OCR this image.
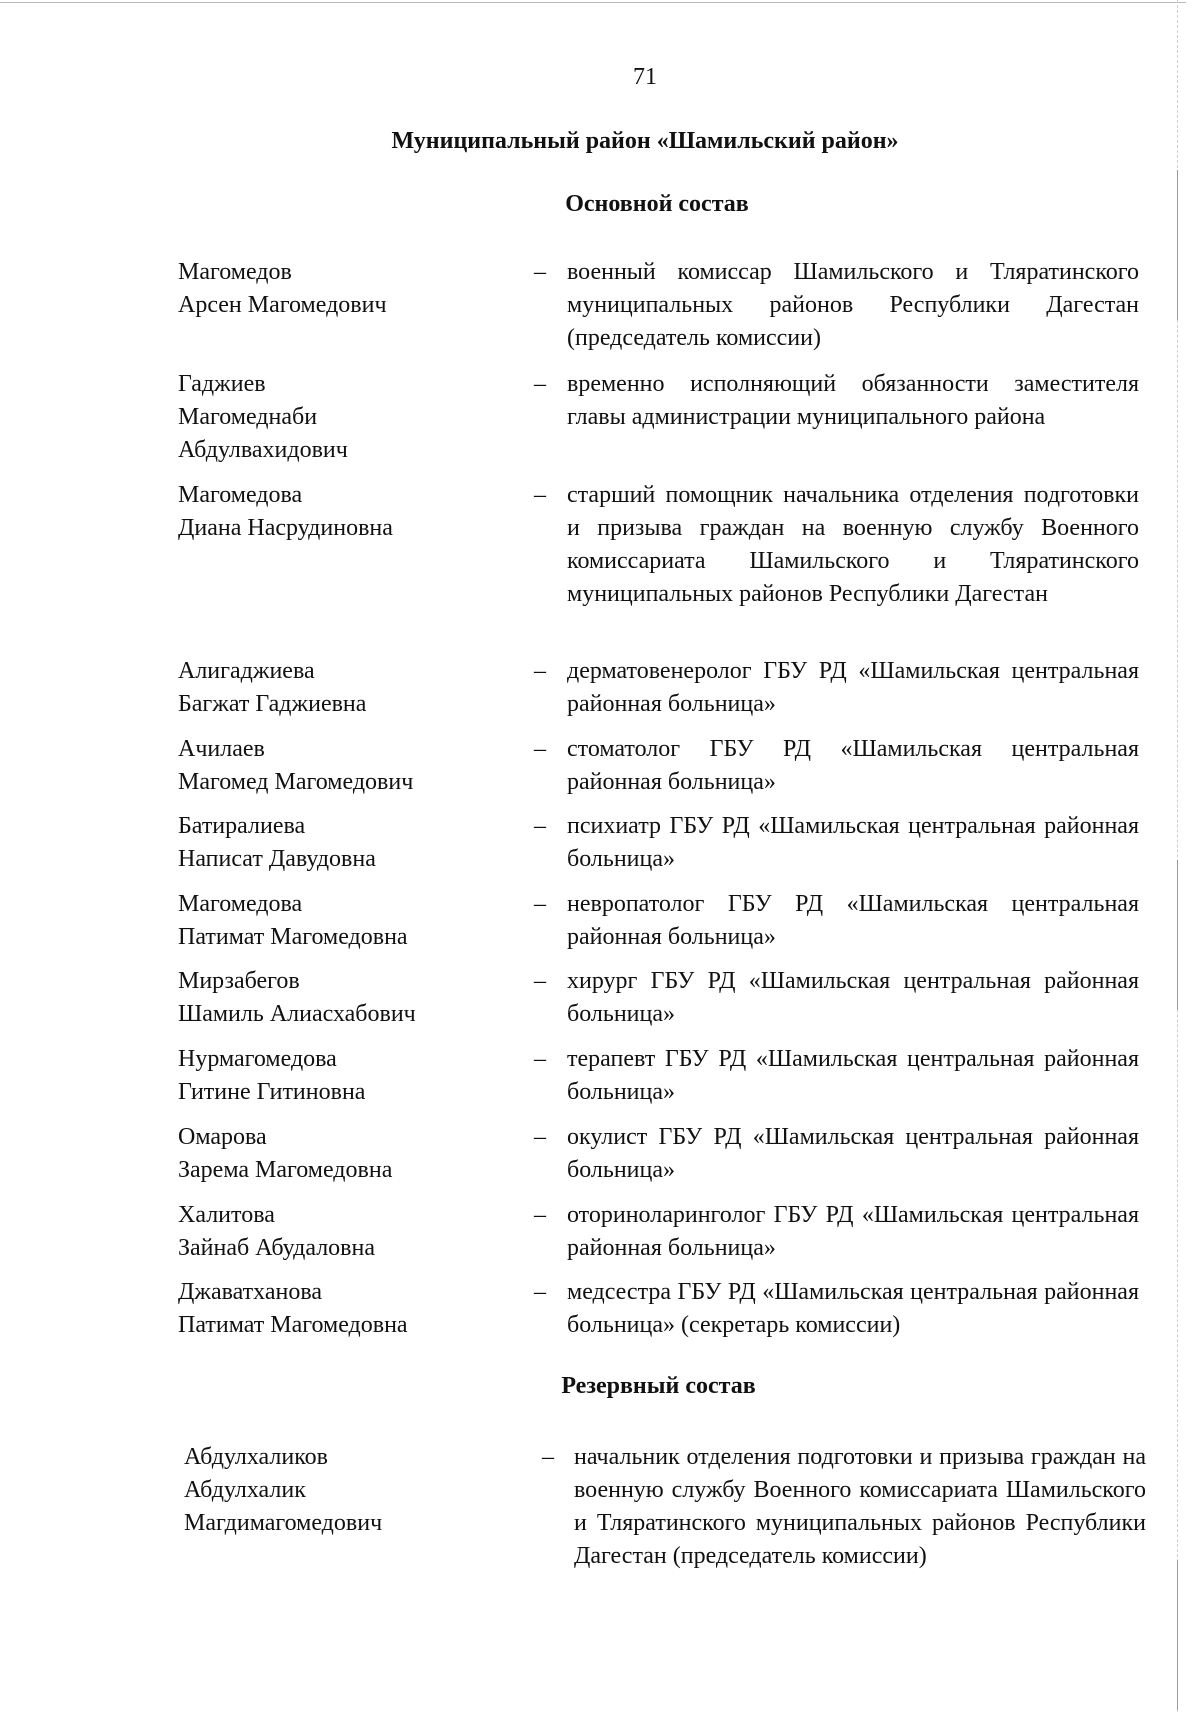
71
Муниципальный район «Шамильский район»
Основной состав
Магомедов
Арсен Магомедович
– военный комиссар Шамильского и Тляратинского муниципальных районов Республики Дагестан (председатель комиссии)
Гаджиев
Магомеднаби
Абдулвахидович
– временно исполняющий обязанности заместителя главы администрации муниципального района
Магомедова
Диана Насрудиновна
– старший помощник начальника отделения подготовки и призыва граждан на военную службу Военного комиссариата Шамильского и Тляратинского муниципальных районов Республики Дагестан
Алигаджиева
Багжат Гаджиевна
– дерматовенеролог ГБУ РД «Шамильская центральная районная больница»
Ачилаев
Магомед Магомедович
– стоматолог ГБУ РД «Шамильская центральная районная больница»
Батиралиева
Написат Давудовна
– психиатр ГБУ РД «Шамильская центральная районная больница»
Магомедова
Патимат Магомедовна
– невропатолог ГБУ РД «Шамильская центральная районная больница»
Мирзабегов
Шамиль Алиасхабович
– хирург ГБУ РД «Шамильская центральная районная больница»
Нурмагомедова
Гитине Гитиновна
– терапевт ГБУ РД «Шамильская центральная районная больница»
Омарова
Зарема Магомедовна
– окулист ГБУ РД «Шамильская центральная районная больница»
Халитова
Зайнаб Абудаловна
– оториноларинголог ГБУ РД «Шамильская центральная районная больница»
Джаватханова
Патимат Магомедовна
– медсестра ГБУ РД «Шамильская центральная районная больница» (секретарь комиссии)
Резервный состав
Абдулхаликов
Абдулхалик
Магдимагомедович
– начальник отделения подготовки и призыва граждан на военную службу Военного комиссариата Шамильского и Тляратинского муниципальных районов Республики Дагестан (председатель комиссии)
